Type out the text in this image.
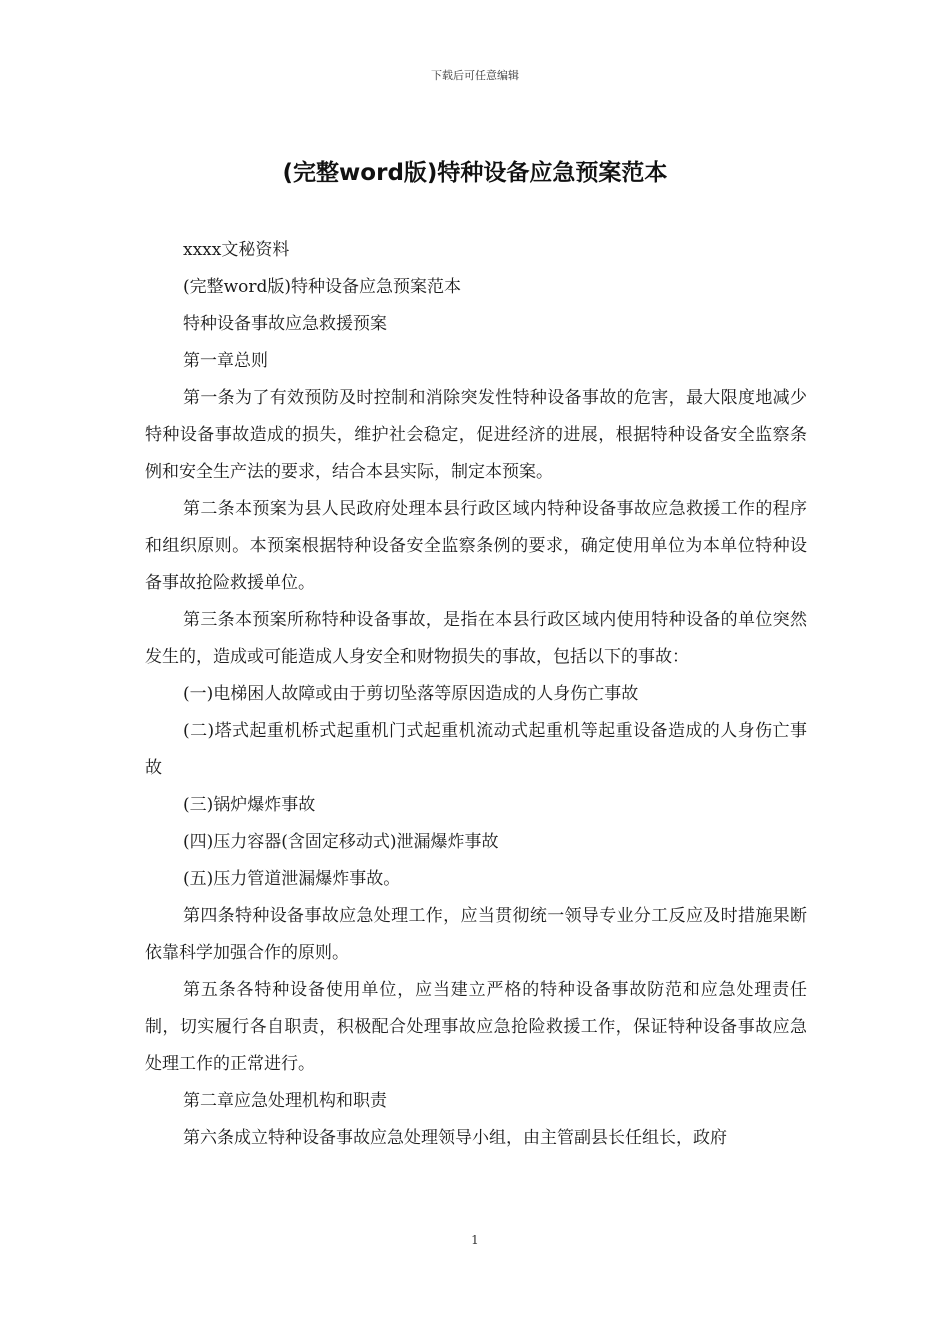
下载后可任意编辑
(完整word版)特种设备应急预案范本

xxxx文秘资料

(完整word版)特种设备应急预案范本

特种设备事故应急救援预案

第一章总则

第一条为了有效预防及时控制和消除突发性特种设备事故的危害，最大限度地减少特种设备事故造成的损失，维护社会稳定，促进经济的进展，根据特种设备安全监察条例和安全生产法的要求，结合本县实际，制定本预案。

第二条本预案为县人民政府处理本县行政区域内特种设备事故应急救援工作的程序和组织原则。本预案根据特种设备安全监察条例的要求，确定使用单位为本单位特种设备事故抢险救援单位。

第三条本预案所称特种设备事故，是指在本县行政区域内使用特种设备的单位突然发生的，造成或可能造成人身安全和财物损失的事故，包括以下的事故：

(一)电梯困人故障或由于剪切坠落等原因造成的人身伤亡事故

(二)塔式起重机桥式起重机门式起重机流动式起重机等起重设备造成的人身伤亡事故

(三)锅炉爆炸事故

(四)压力容器(含固定移动式)泄漏爆炸事故

(五)压力管道泄漏爆炸事故。

第四条特种设备事故应急处理工作，应当贯彻统一领导专业分工反应及时措施果断依靠科学加强合作的原则。

第五条各特种设备使用单位，应当建立严格的特种设备事故防范和应急处理责任制，切实履行各自职责，积极配合处理事故应急抢险救援工作，保证特种设备事故应急处理工作的正常进行。

第二章应急处理机构和职责

第六条成立特种设备事故应急处理领导小组，由主管副县长任组长，政府

1
